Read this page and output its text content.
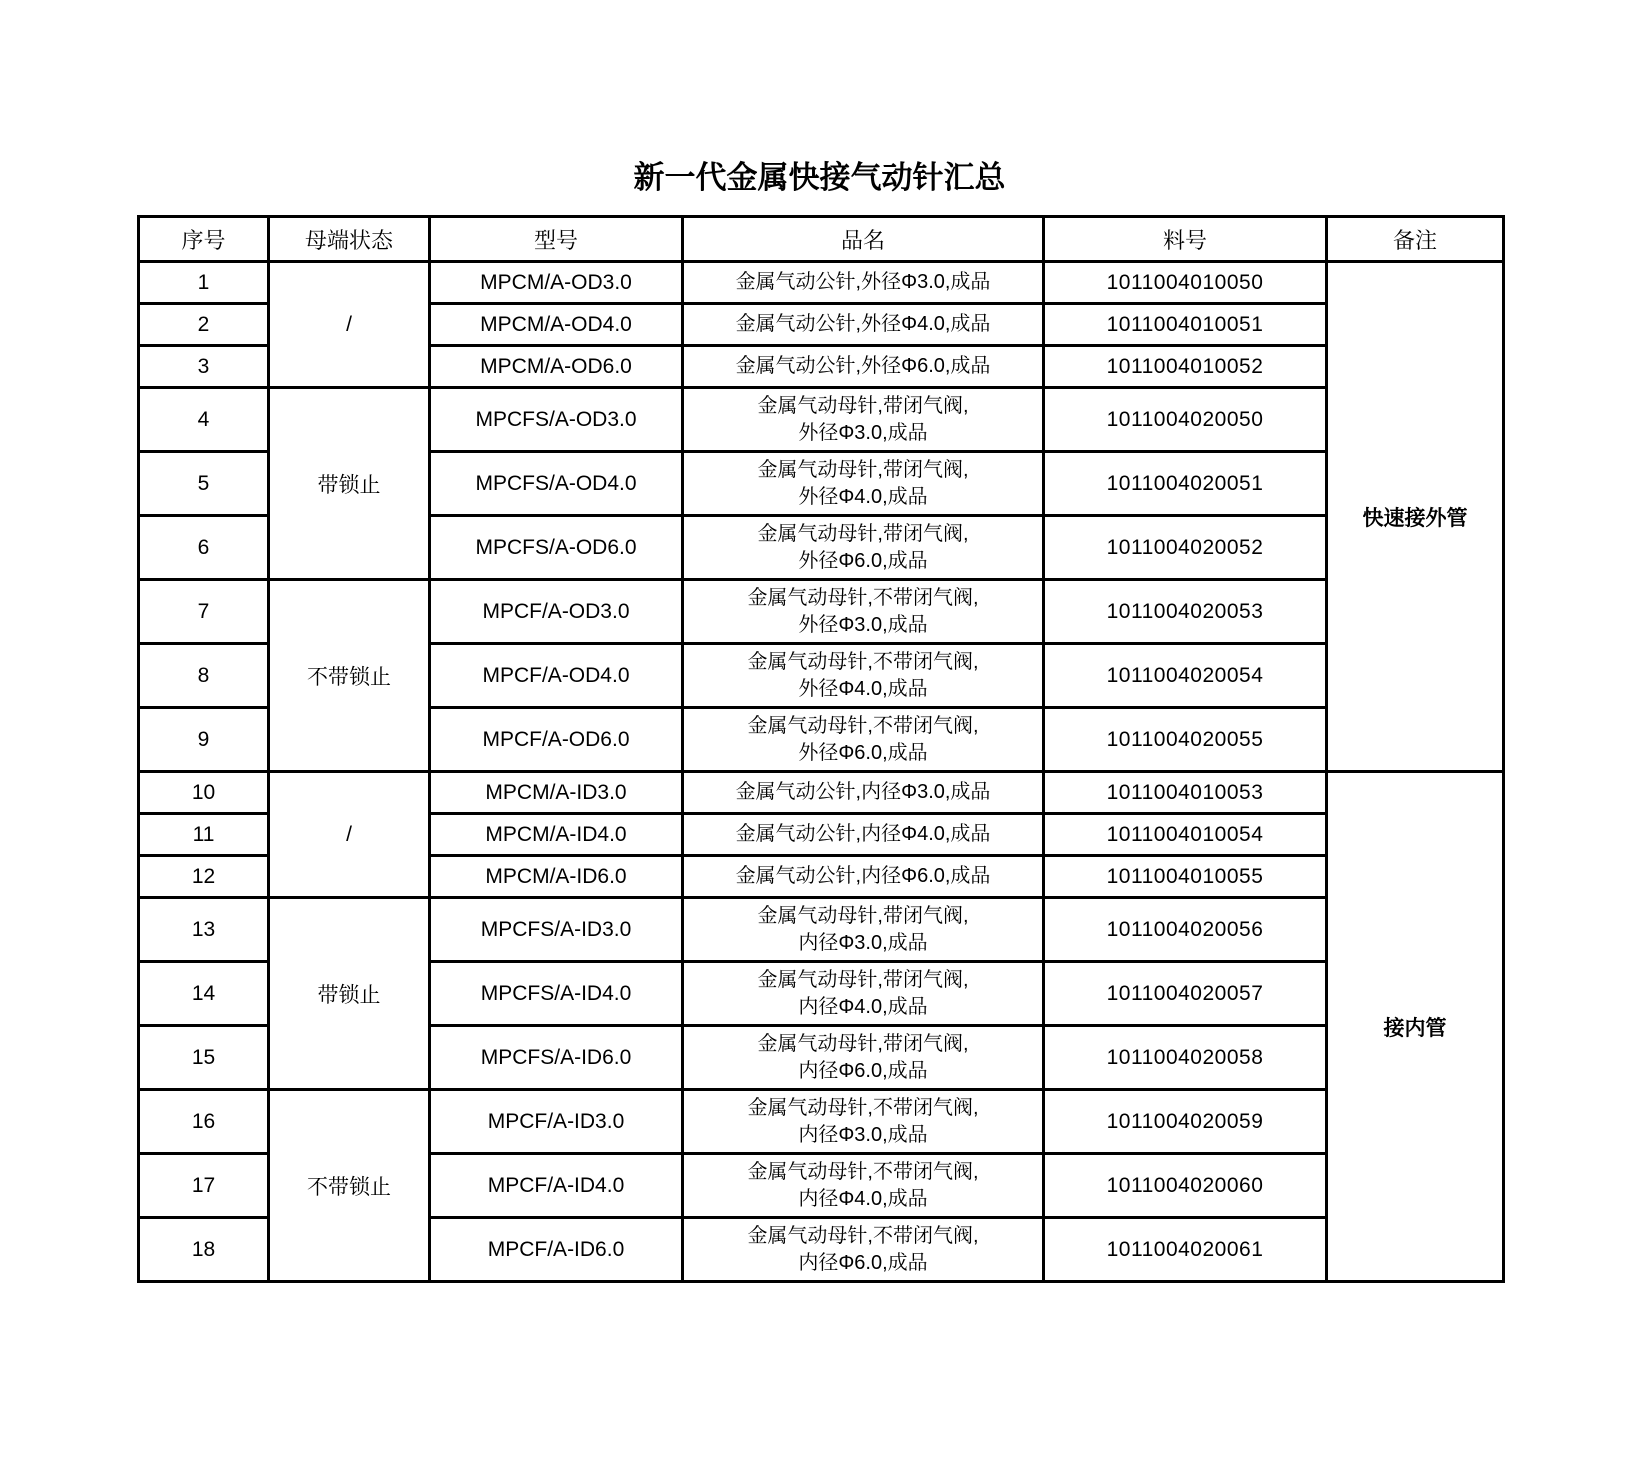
新一代金属快接气动针汇总
序号	母端状态	型号	品名	料号	备注
1	/	MPCM/A-OD3.0	金属气动公针,外径Φ3.0,成品	1011004010050	快速接外管
2		MPCM/A-OD4.0	金属气动公针,外径Φ4.0,成品	1011004010051	
3		MPCM/A-OD6.0	金属气动公针,外径Φ6.0,成品	1011004010052	
4	带锁止	MPCFS/A-OD3.0	金属气动母针,带闭气阀,
外径Φ3.0,成品	1011004020050	
5		MPCFS/A-OD4.0	金属气动母针,带闭气阀,
外径Φ4.0,成品	1011004020051	
6		MPCFS/A-OD6.0	金属气动母针,带闭气阀,
外径Φ6.0,成品	1011004020052	
7	不带锁止	MPCF/A-OD3.0	金属气动母针,不带闭气阀,
外径Φ3.0,成品	1011004020053	
8		MPCF/A-OD4.0	金属气动母针,不带闭气阀,
外径Φ4.0,成品	1011004020054	
9		MPCF/A-OD6.0	金属气动母针,不带闭气阀,
外径Φ6.0,成品	1011004020055	
10	/	MPCM/A-ID3.0	金属气动公针,内径Φ3.0,成品	1011004010053	接内管
11		MPCM/A-ID4.0	金属气动公针,内径Φ4.0,成品	1011004010054	
12		MPCM/A-ID6.0	金属气动公针,内径Φ6.0,成品	1011004010055	
13	带锁止	MPCFS/A-ID3.0	金属气动母针,带闭气阀,
内径Φ3.0,成品	1011004020056	
14		MPCFS/A-ID4.0	金属气动母针,带闭气阀,
内径Φ4.0,成品	1011004020057	
15		MPCFS/A-ID6.0	金属气动母针,带闭气阀,
内径Φ6.0,成品	1011004020058	
16	不带锁止	MPCF/A-ID3.0	金属气动母针,不带闭气阀,
内径Φ3.0,成品	1011004020059	
17		MPCF/A-ID4.0	金属气动母针,不带闭气阀,
内径Φ4.0,成品	1011004020060	
18		MPCF/A-ID6.0	金属气动母针,不带闭气阀,
内径Φ6.0,成品	1011004020061	
